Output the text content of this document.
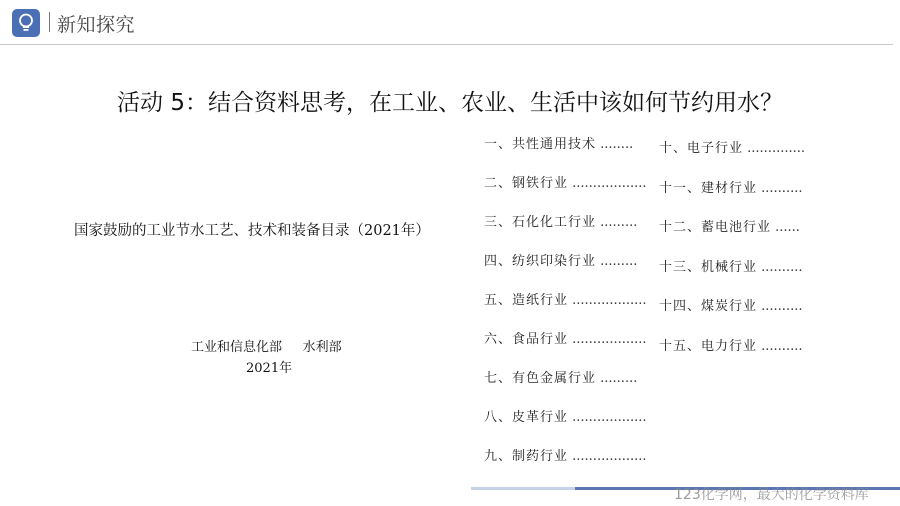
新知探究
活动 5：结合资料思考，在工业、农业、生活中该如何节约用水？
国家鼓励的工业节水工艺、技术和装备目录（2021年）
工业和信息化部     水利部
2021年
一、共性通用技术 ........
二、钢铁行业 ..................
三、石化化工行业 .........
四、纺织印染行业 .........
五、造纸行业 ..................
六、食品行业 ..................
七、有色金属行业 .........
八、皮革行业 ..................
九、制药行业 ..................
十、电子行业 ..............
十一、建材行业 ..........
十二、蓄电池行业 ......
十三、机械行业 ..........
十四、煤炭行业 ..........
十五、电力行业 ..........
123化学网，最大的化学资料库
